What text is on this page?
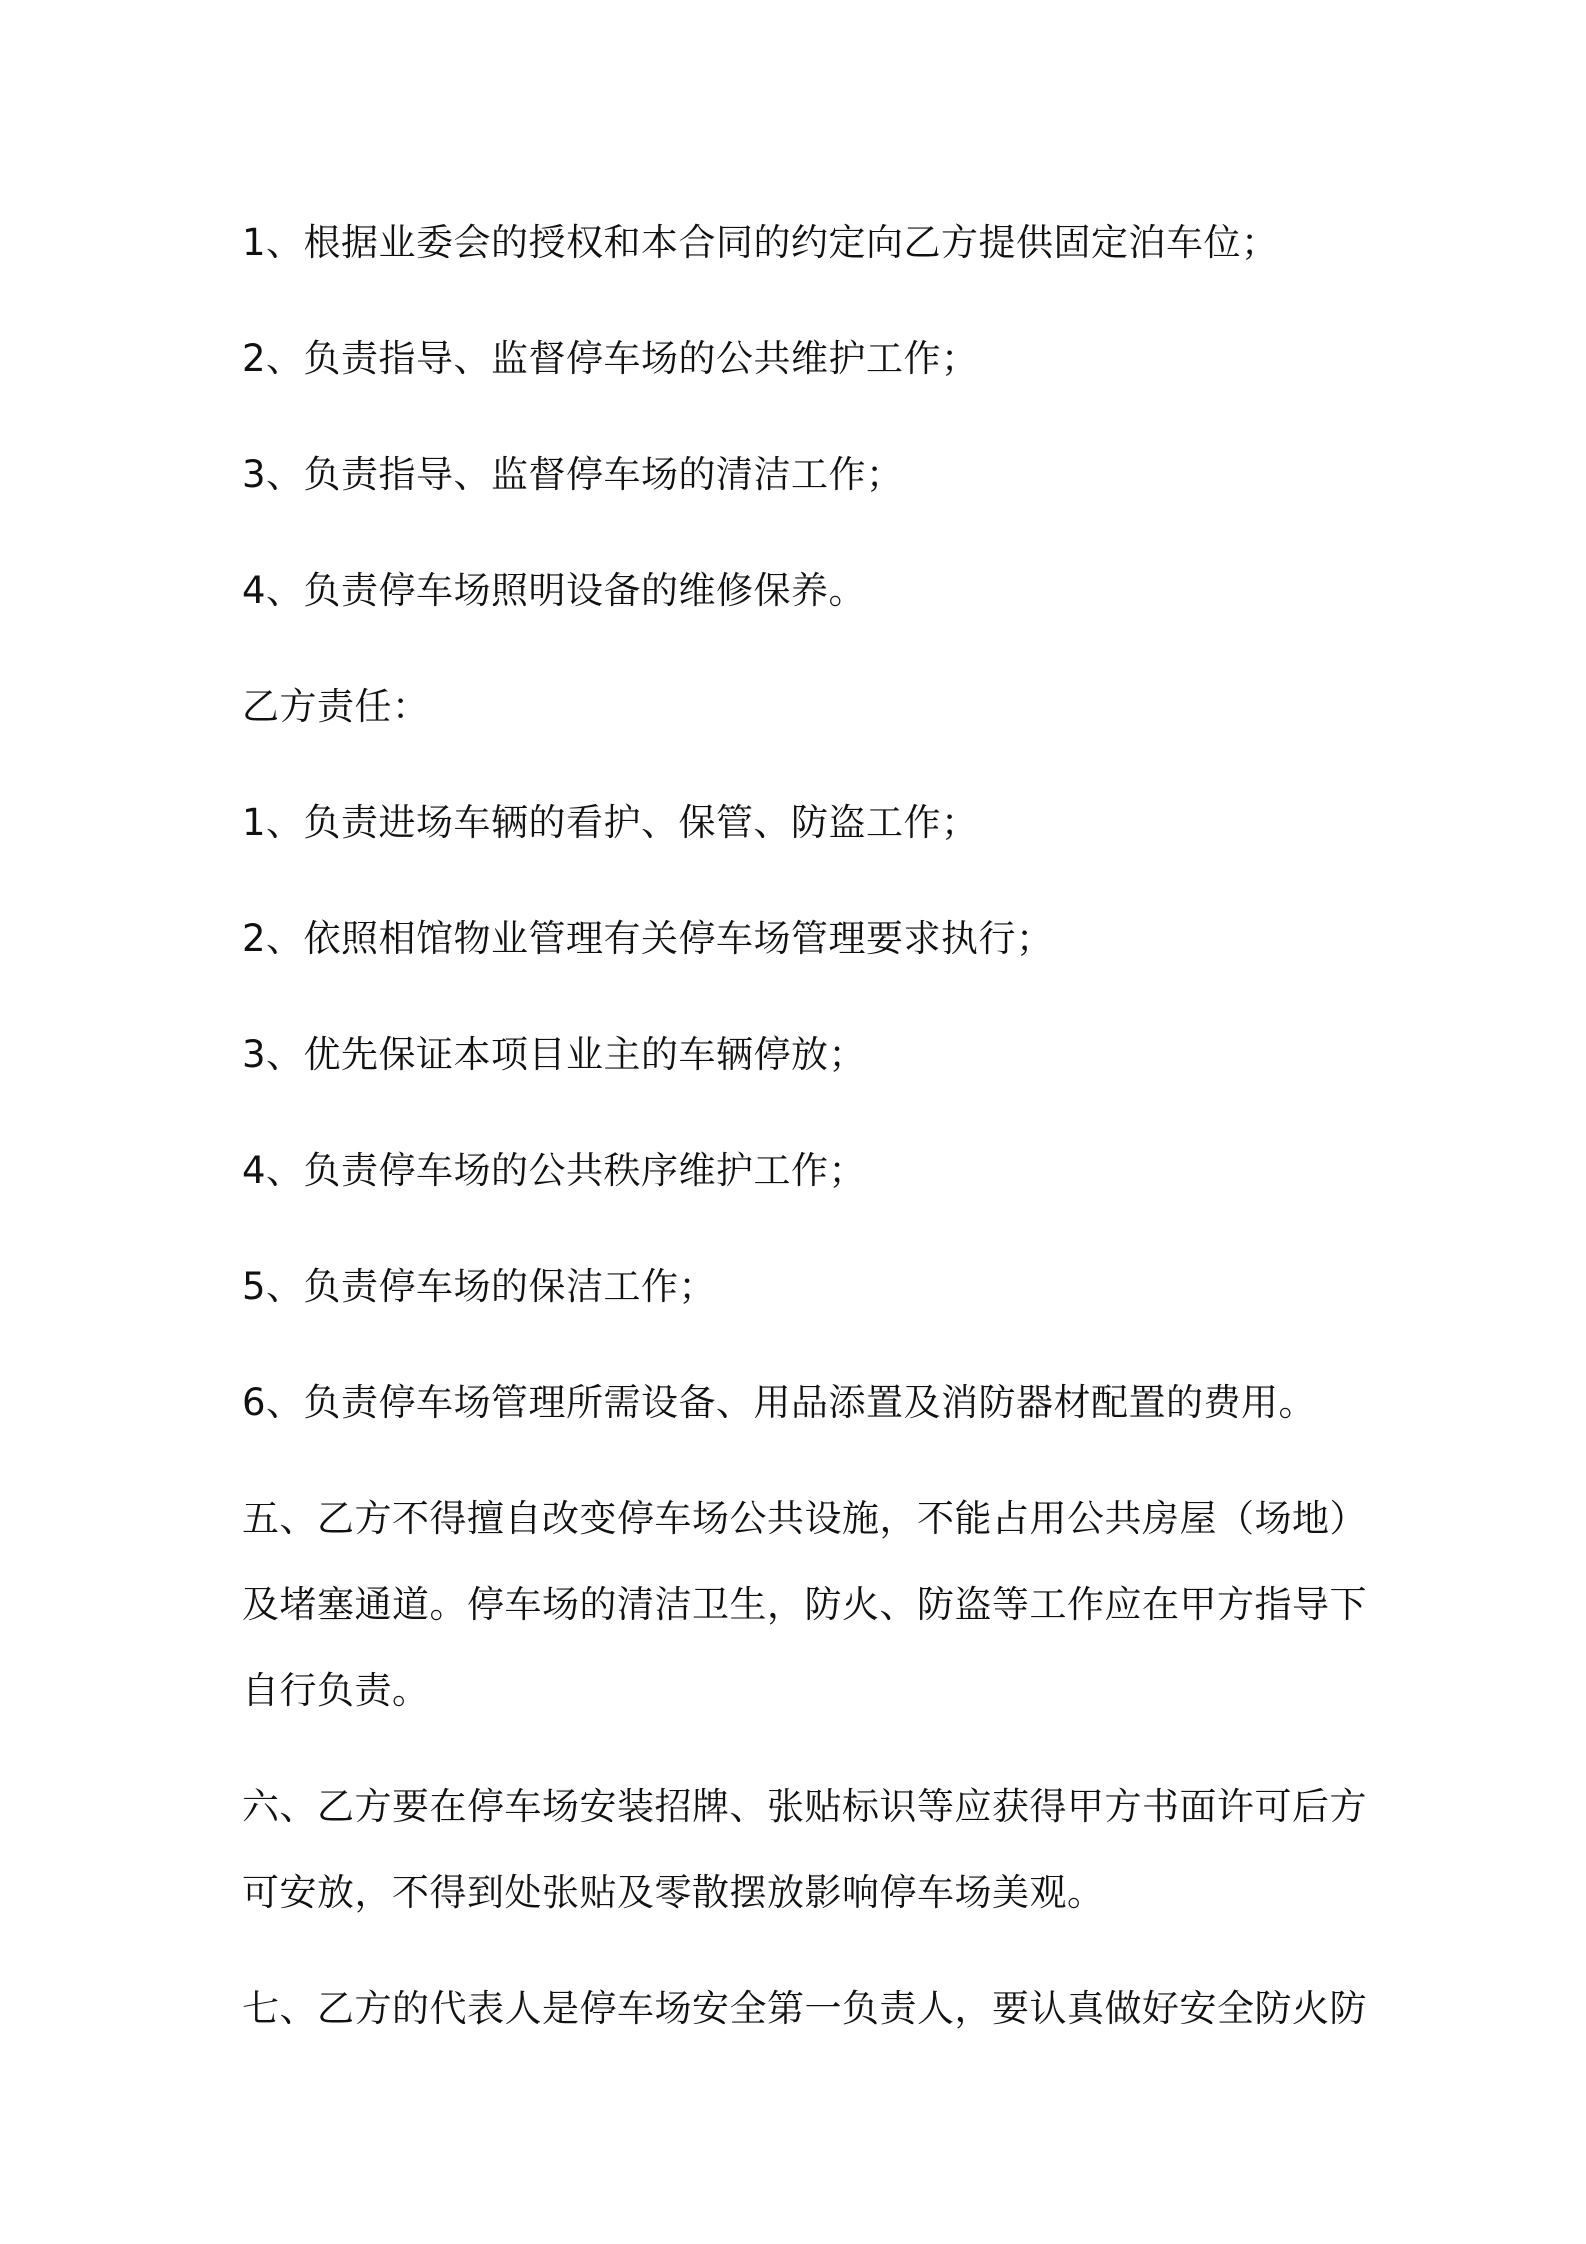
1、根据业委会的授权和本合同的约定向乙方提供固定泊车位；

2、负责指导、监督停车场的公共维护工作；

3、负责指导、监督停车场的清洁工作；

4、负责停车场照明设备的维修保养。

乙方责任：

1、负责进场车辆的看护、保管、防盗工作；

2、依照相馆物业管理有关停车场管理要求执行；

3、优先保证本项目业主的车辆停放；

4、负责停车场的公共秩序维护工作；

5、负责停车场的保洁工作；

6、负责停车场管理所需设备、用品添置及消防器材配置的费用。

五、乙方不得擅自改变停车场公共设施，不能占用公共房屋（场地）
及堵塞通道。停车场的清洁卫生，防火、防盗等工作应在甲方指导下
自行负责。

六、乙方要在停车场安装招牌、张贴标识等应获得甲方书面许可后方
可安放，不得到处张贴及零散摆放影响停车场美观。

七、乙方的代表人是停车场安全第一负责人，要认真做好安全防火防
